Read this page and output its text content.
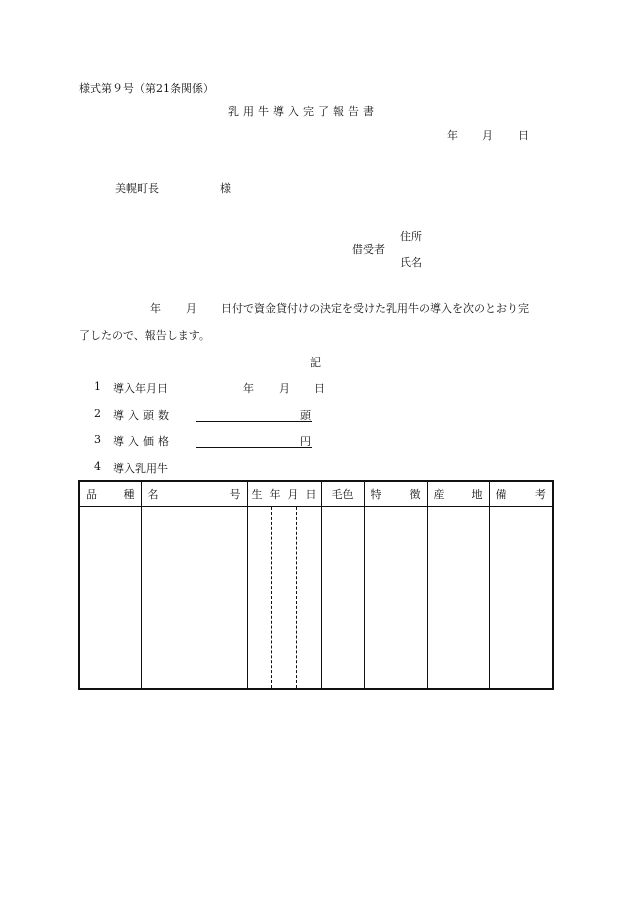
様式第９号（第21条関係）
乳用牛導入完了報告書
年 月 日
美幌町長	様
住所
借受者
氏名
年 月 日付で資金貸付けの決定を受けた乳用牛の導入を次のとおり完
了したので、報告します。
記
1 導入年月日	年 月 日
2 導入頭数	頭
3 導入価格	円
4 導入乳用牛
品 種	名 号	生 年 月 日			毛色	特 徴	産 地	備 考
